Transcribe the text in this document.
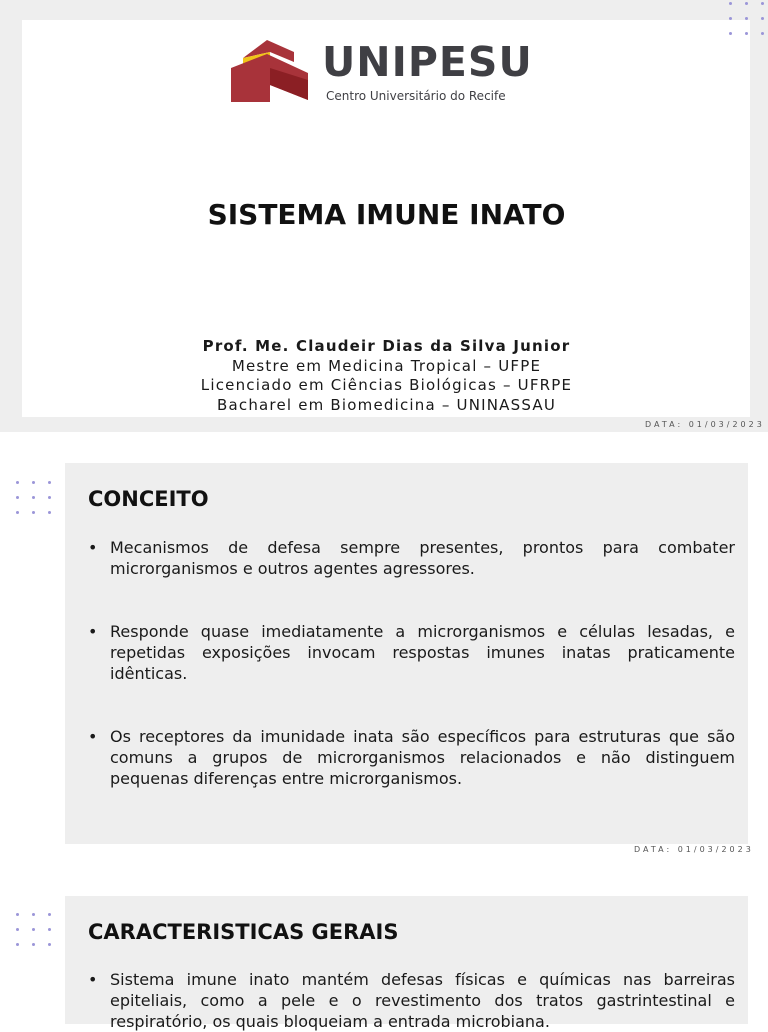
UNIPESU
Centro Universitário do Recife
SISTEMA IMUNE INATO
Prof. Me. Claudeir Dias da Silva Junior
Mestre em Medicina Tropical – UFPE
Licenciado em Ciências Biológicas – UFRPE
Bacharel em Biomedicina – UNINASSAU
DATA: 01/03/2023
CONCEITO
• Mecanismos de defesa sempre presentes, prontos para combater microrganismos e outros agentes agressores.
• Responde quase imediatamente a microrganismos e células lesadas, e repetidas exposições invocam respostas imunes inatas praticamente idênticas.
• Os receptores da imunidade inata são específicos para estruturas que são comuns a grupos de microrganismos relacionados e não distinguem pequenas diferenças entre microrganismos.
DATA: 01/03/2023
CARACTERISTICAS GERAIS
• Sistema imune inato mantém defesas físicas e químicas nas barreiras epiteliais, como a pele e o revestimento dos tratos gastrintestinal e respiratório, os quais bloqueiam a entrada microbiana.
